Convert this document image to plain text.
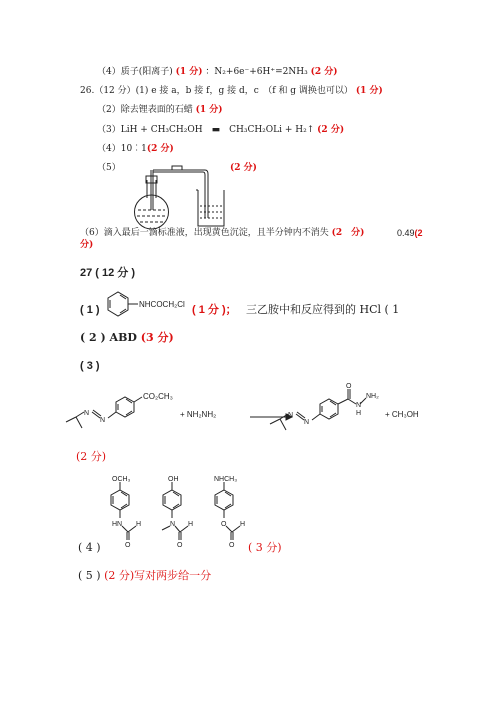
（4）质子(阳离子) (1 分) ：N₂+6e⁻+6H⁺=2NH₃ (2 分)
26.（12 分）(1) e 接 a，b 接 f，g 接 d，c　（f 和 g 调换也可以） (1 分)
（2）除去锂表面的石蜡 (1 分)
（3）LiH + CH₃CH₂OH　▬　CH₃CH₂OLi + H₂↑ (2 分)
（4）10︰1(2 分)
（5）	(2 分)
（6）滴入最后一滴标准液，出现黄色沉淀，且半分钟内不消失 (2　分)	0.49(2
分)
27 ( 12 分 )
( 1 )	NHCOCH₂Cl ( 1 分 )； 三乙胺中和反应得到的 HCl ( 1
( 2 ) ABD (3 分)
( 3 )
N
N
CO₂CH₃
+ NH₂NH₂	N
N
O
N
H
NH₂
+ CH₃OH
(2 分)
OCH₃
HN H
O
OH
N H
O
NHCH₃
O H
O
( 4 )	( 3 分)
( 5 ) (2 分)写对两步给一分
